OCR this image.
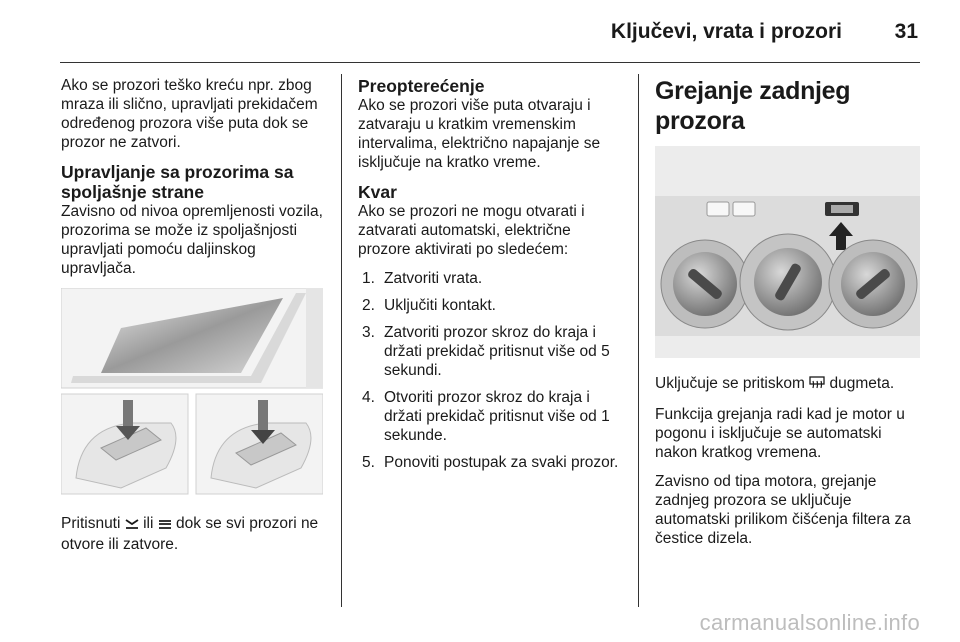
Ključevi, vrata i prozori	31

Ako se prozori teško kreću npr. zbog mraza ili slično, upravljati prekidačem određenog prozora više puta dok se prozor ne zatvori.

Upravljanje sa prozorima sa spoljašnje strane

Zavisno od nivoa opremljenosti vozila, prozorima se može iz spoljašnjosti upravljati pomoću daljinskog upravljača.

Pritisnuti ili dok se svi prozori ne otvore ili zatvore.

Preopterećenje

Ako se prozori više puta otvaraju i zatvaraju u kratkim vremenskim intervalima, električno napajanje se isključuje na kratko vreme.

Kvar

Ako se prozori ne mogu otvarati i zatvarati automatski, električne prozore aktivirati po sledećem:

1. Zatvoriti vrata.
2. Uključiti kontakt.
3. Zatvoriti prozor skroz do kraja i držati prekidač pritisnut više od 5 sekundi.
4. Otvoriti prozor skroz do kraja i držati prekidač pritisnut više od 1 sekunde.
5. Ponoviti postupak za svaki prozor.
Grejanje zadnjeg prozora

Uključuje se pritiskom dugmeta.

Funkcija grejanja radi kad je motor u pogonu i isključuje se automatski nakon kratkog vremena.

Zavisno od tipa motora, grejanje zadnjeg prozora se uključuje automatski prilikom čišćenja filtera za čestice dizela.

carmanualsonline.info
